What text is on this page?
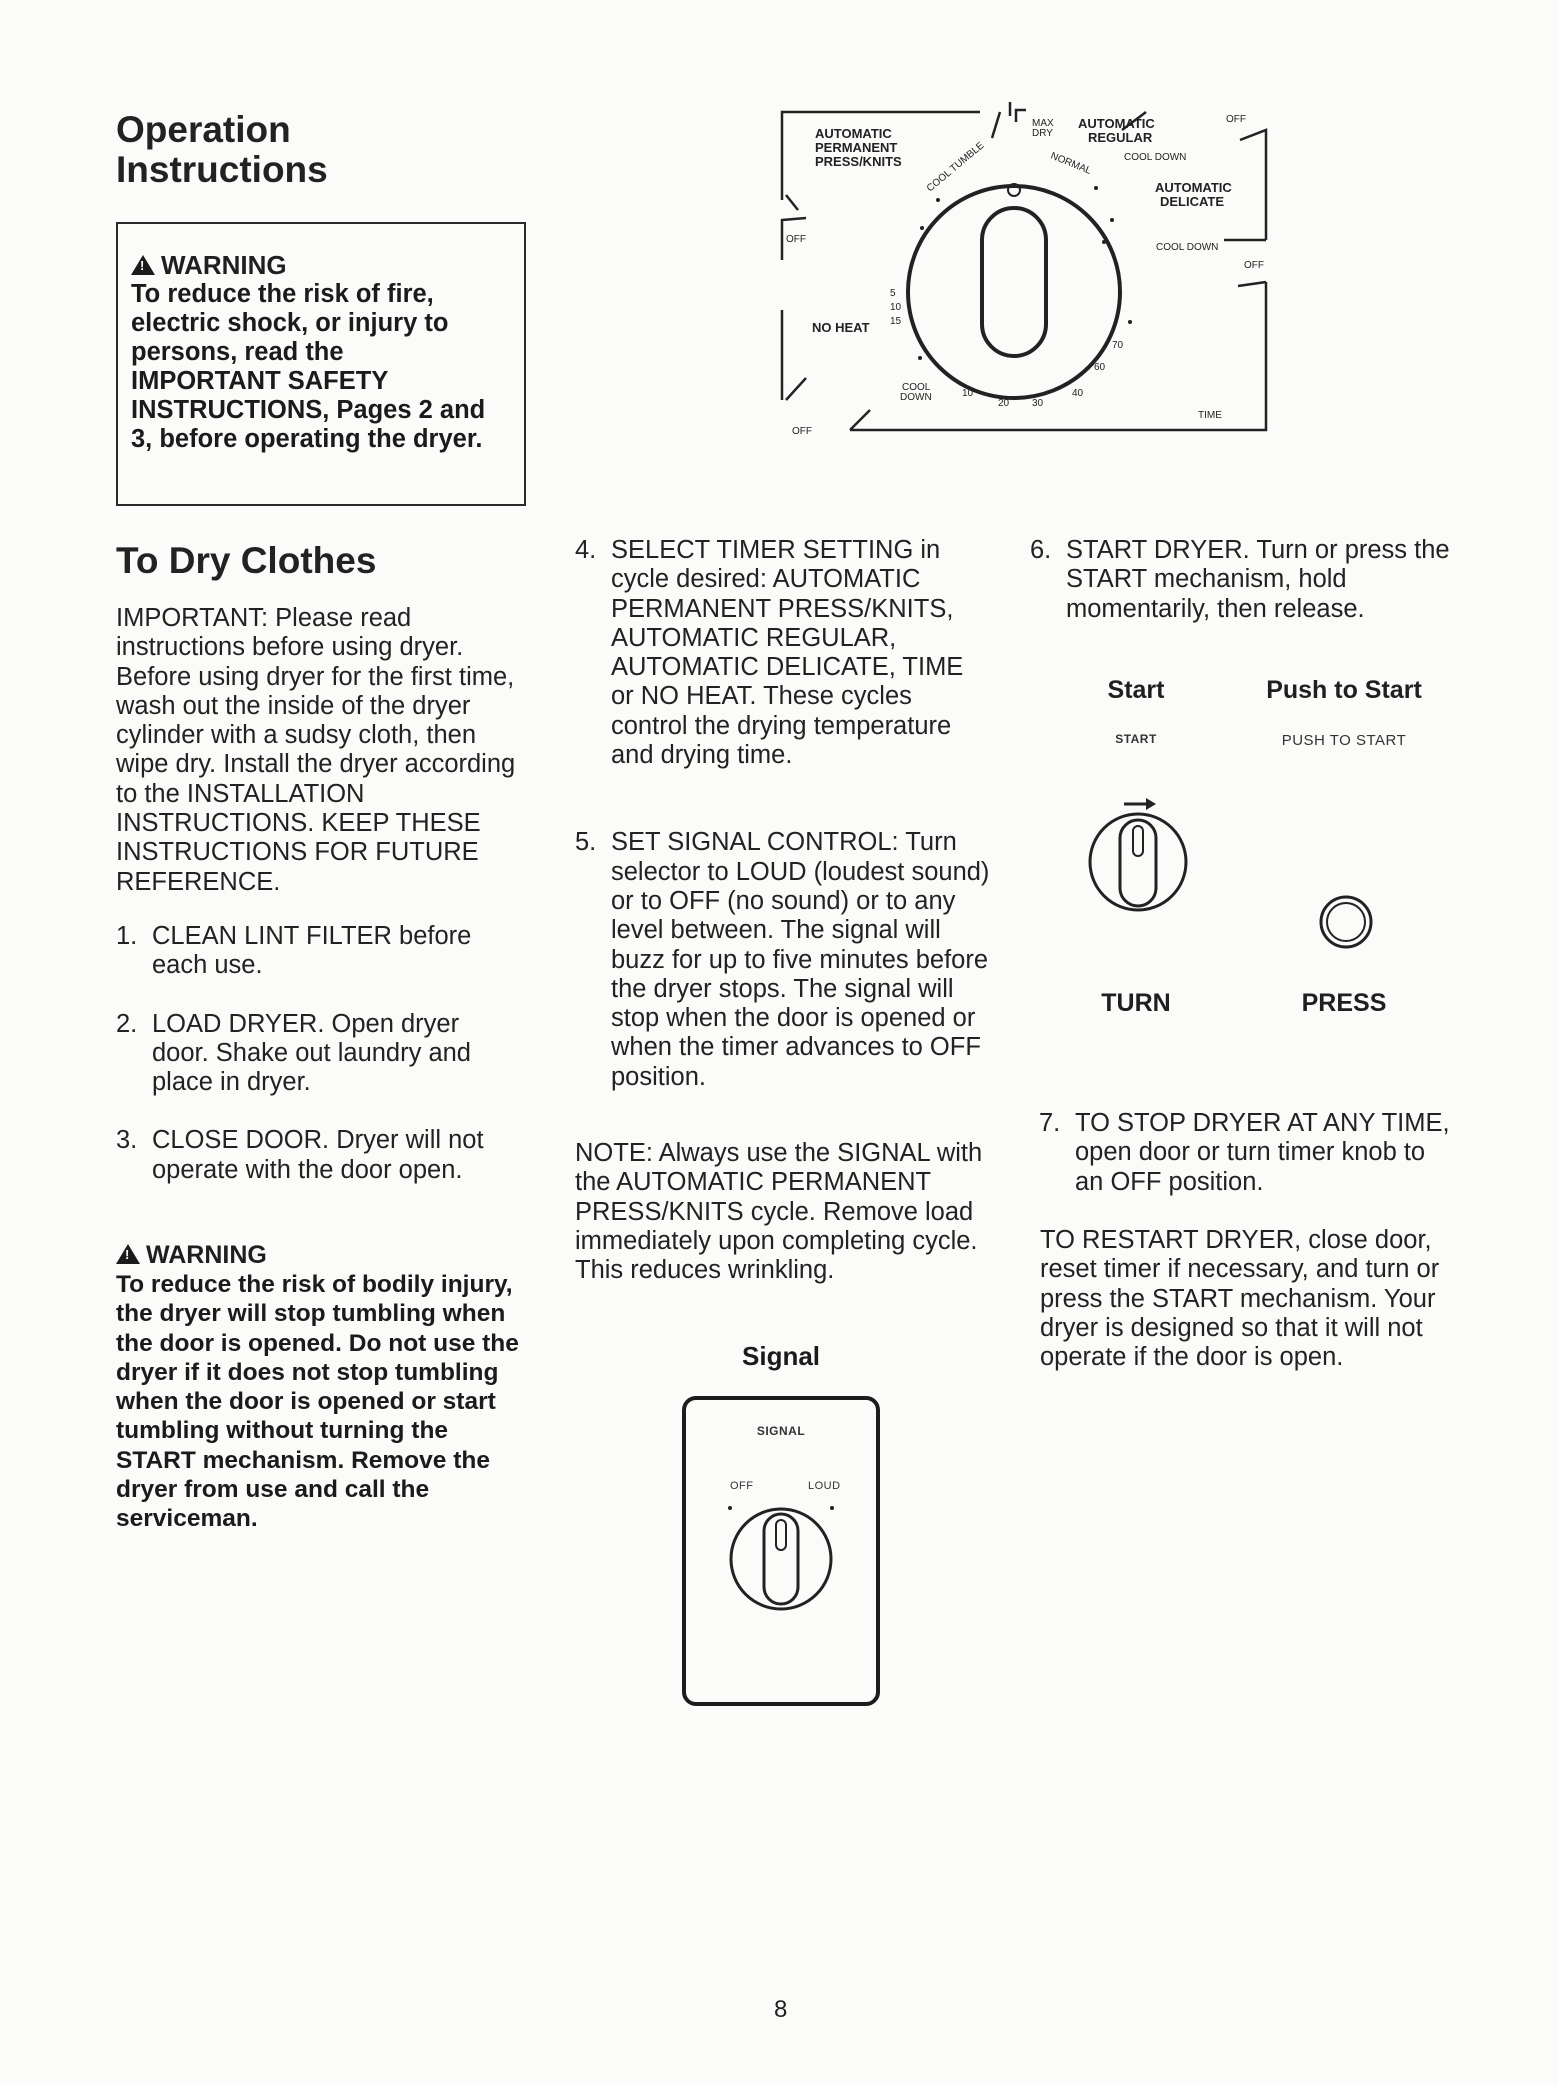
Operation
Instructions
!WARNING
To reduce the risk of fire, electric shock, or injury to persons, read the IMPORTANT SAFETY INSTRUCTIONS, Pages 2 and 3, before operating the dryer.
To Dry Clothes
IMPORTANT: Please read instructions before using dryer. Before using dryer for the first time, wash out the inside of the dryer cylinder with a sudsy cloth, then wipe dry. Install the dryer according to the INSTALLATION INSTRUCTIONS. KEEP THESE INSTRUCTIONS FOR FUTURE REFERENCE.
1. CLEAN LINT FILTER before each use.
2. LOAD DRYER. Open dryer door. Shake out laundry and place in dryer.
3. CLOSE DOOR. Dryer will not operate with the door open.
!WARNING
To reduce the risk of bodily injury, the dryer will stop tumbling when the door is opened. Do not use the dryer if it does not stop tumbling when the door is opened or start tumbling without turning the START mechanism. Remove the dryer from use and call the serviceman.
AUTOMATIC
PERMANENT
PRESS/KNITS
OFF
NO HEAT
OFF
COOL
DOWN
MAX
DRY
AUTOMATIC
REGULAR
COOL DOWN
AUTOMATIC
DELICATE
COOL DOWN
OFF
OFF
TIME
NORMAL
COOL TUMBLE
5
10
15
10
20 30
40
60
70
4. SELECT TIMER SETTING in cycle desired: AUTOMATIC PERMANENT PRESS/KNITS, AUTOMATIC REGULAR, AUTOMATIC DELICATE, TIME or NO HEAT. These cycles control the drying temperature and drying time.
5. SET SIGNAL CONTROL: Turn selector to LOUD (loudest sound) or to OFF (no sound) or to any level between. The signal will buzz for up to five minutes before the dryer stops. The signal will stop when the door is opened or when the timer advances to OFF position.
NOTE: Always use the SIGNAL with the AUTOMATIC PERMANENT PRESS/KNITS cycle. Remove load immediately upon completing cycle. This reduces wrinkling.
Signal
SIGNAL
OFF	LOUD
6. START DRYER. Turn or press the START mechanism, hold momentarily, then release.
Start	Push to Start
START	PUSH TO START
TURN	PRESS
7. TO STOP DRYER AT ANY TIME, open door or turn timer knob to an OFF position.
TO RESTART DRYER, close door, reset timer if necessary, and turn or press the START mechanism. Your dryer is designed so that it will not operate if the door is open.
8
